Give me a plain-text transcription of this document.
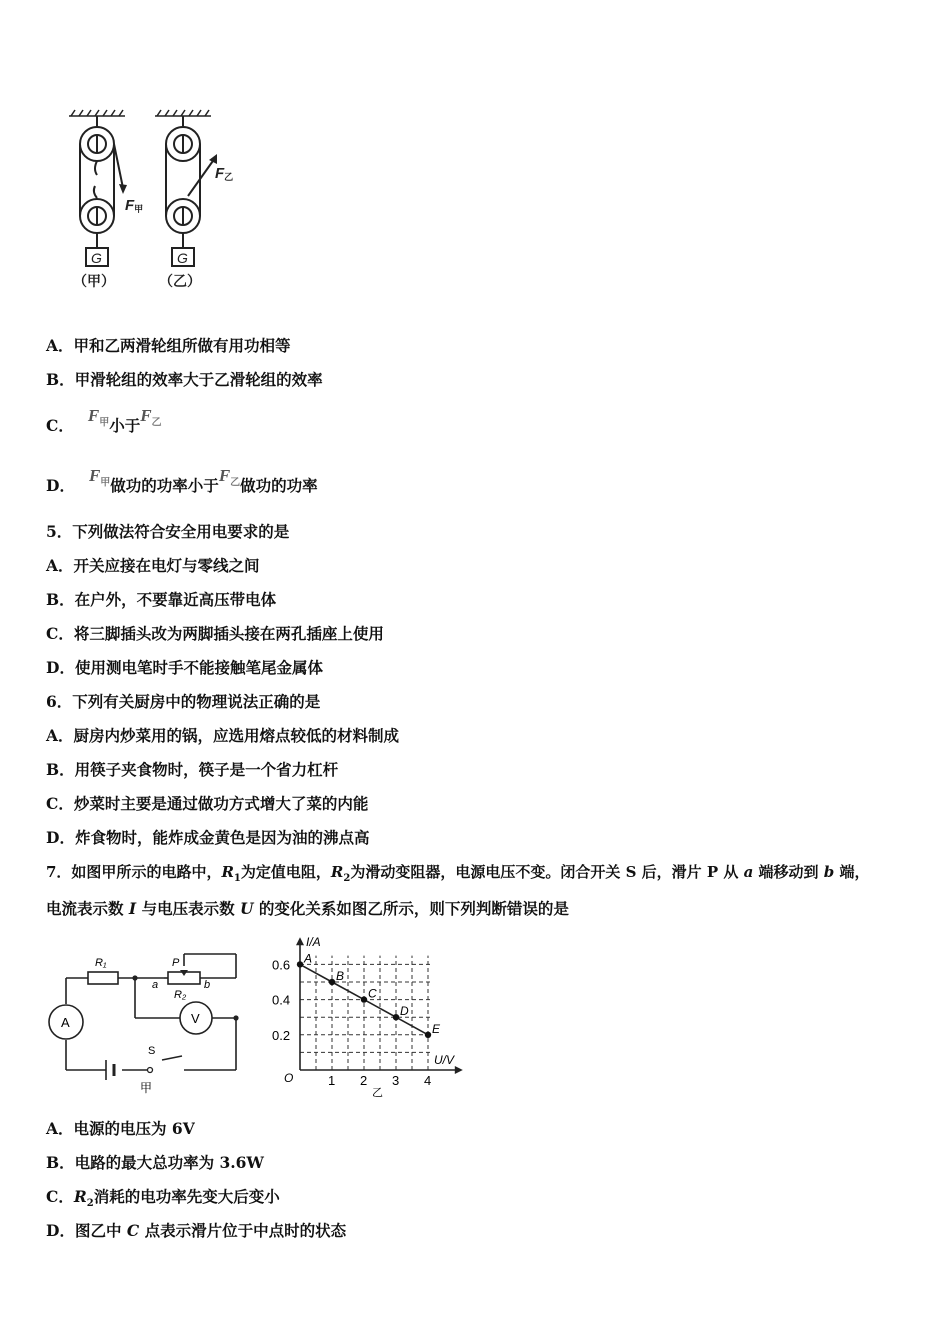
G	G
F甲
F乙
（甲）	（乙）
A．甲和乙两滑轮组所做有用功相等
B．甲滑轮组的效率大于乙滑轮组的效率
C．$F_甲$小于$F_乙$
D．$F_甲$做功的功率小于$F_乙$做功的功率
5．下列做法符合安全用电要求的是
A．开关应接在电灯与零线之间
B．在户外，不要靠近高压带电体
C．将三脚插头改为两脚插头接在两孔插座上使用
D．使用测电笔时手不能接触笔尾金属体
6．下列有关厨房中的物理说法正确的是
A．厨房内炒菜用的锅，应选用熔点较低的材料制成
B．用筷子夹食物时，筷子是一个省力杠杆
C．炒菜时主要是通过做功方式增大了菜的内能
D．炸食物时，能炸成金黄色是因为油的沸点高
7．如图甲所示的电路中，$R_1$为定值电阻，$R_2$为滑动变阻器，电源电压不变。闭合开关 S 后，滑片 P 从 a 端移动到 b 端，
电流表示数 I 与电压表示数 U 的变化关系如图乙所示，则下列判断错误的是
R₁
R₂
P
a	b
A	V
S
甲	1 2 3 4
0.2
0.4
0.6 A
B
C
D
E
I/A
U/V
O
乙
A．电源的电压为 6V
B．电路的最大总功率为 3.6W
C．$R_2$消耗的电功率先变大后变小
D．图乙中 C 点表示滑片位于中点时的状态
